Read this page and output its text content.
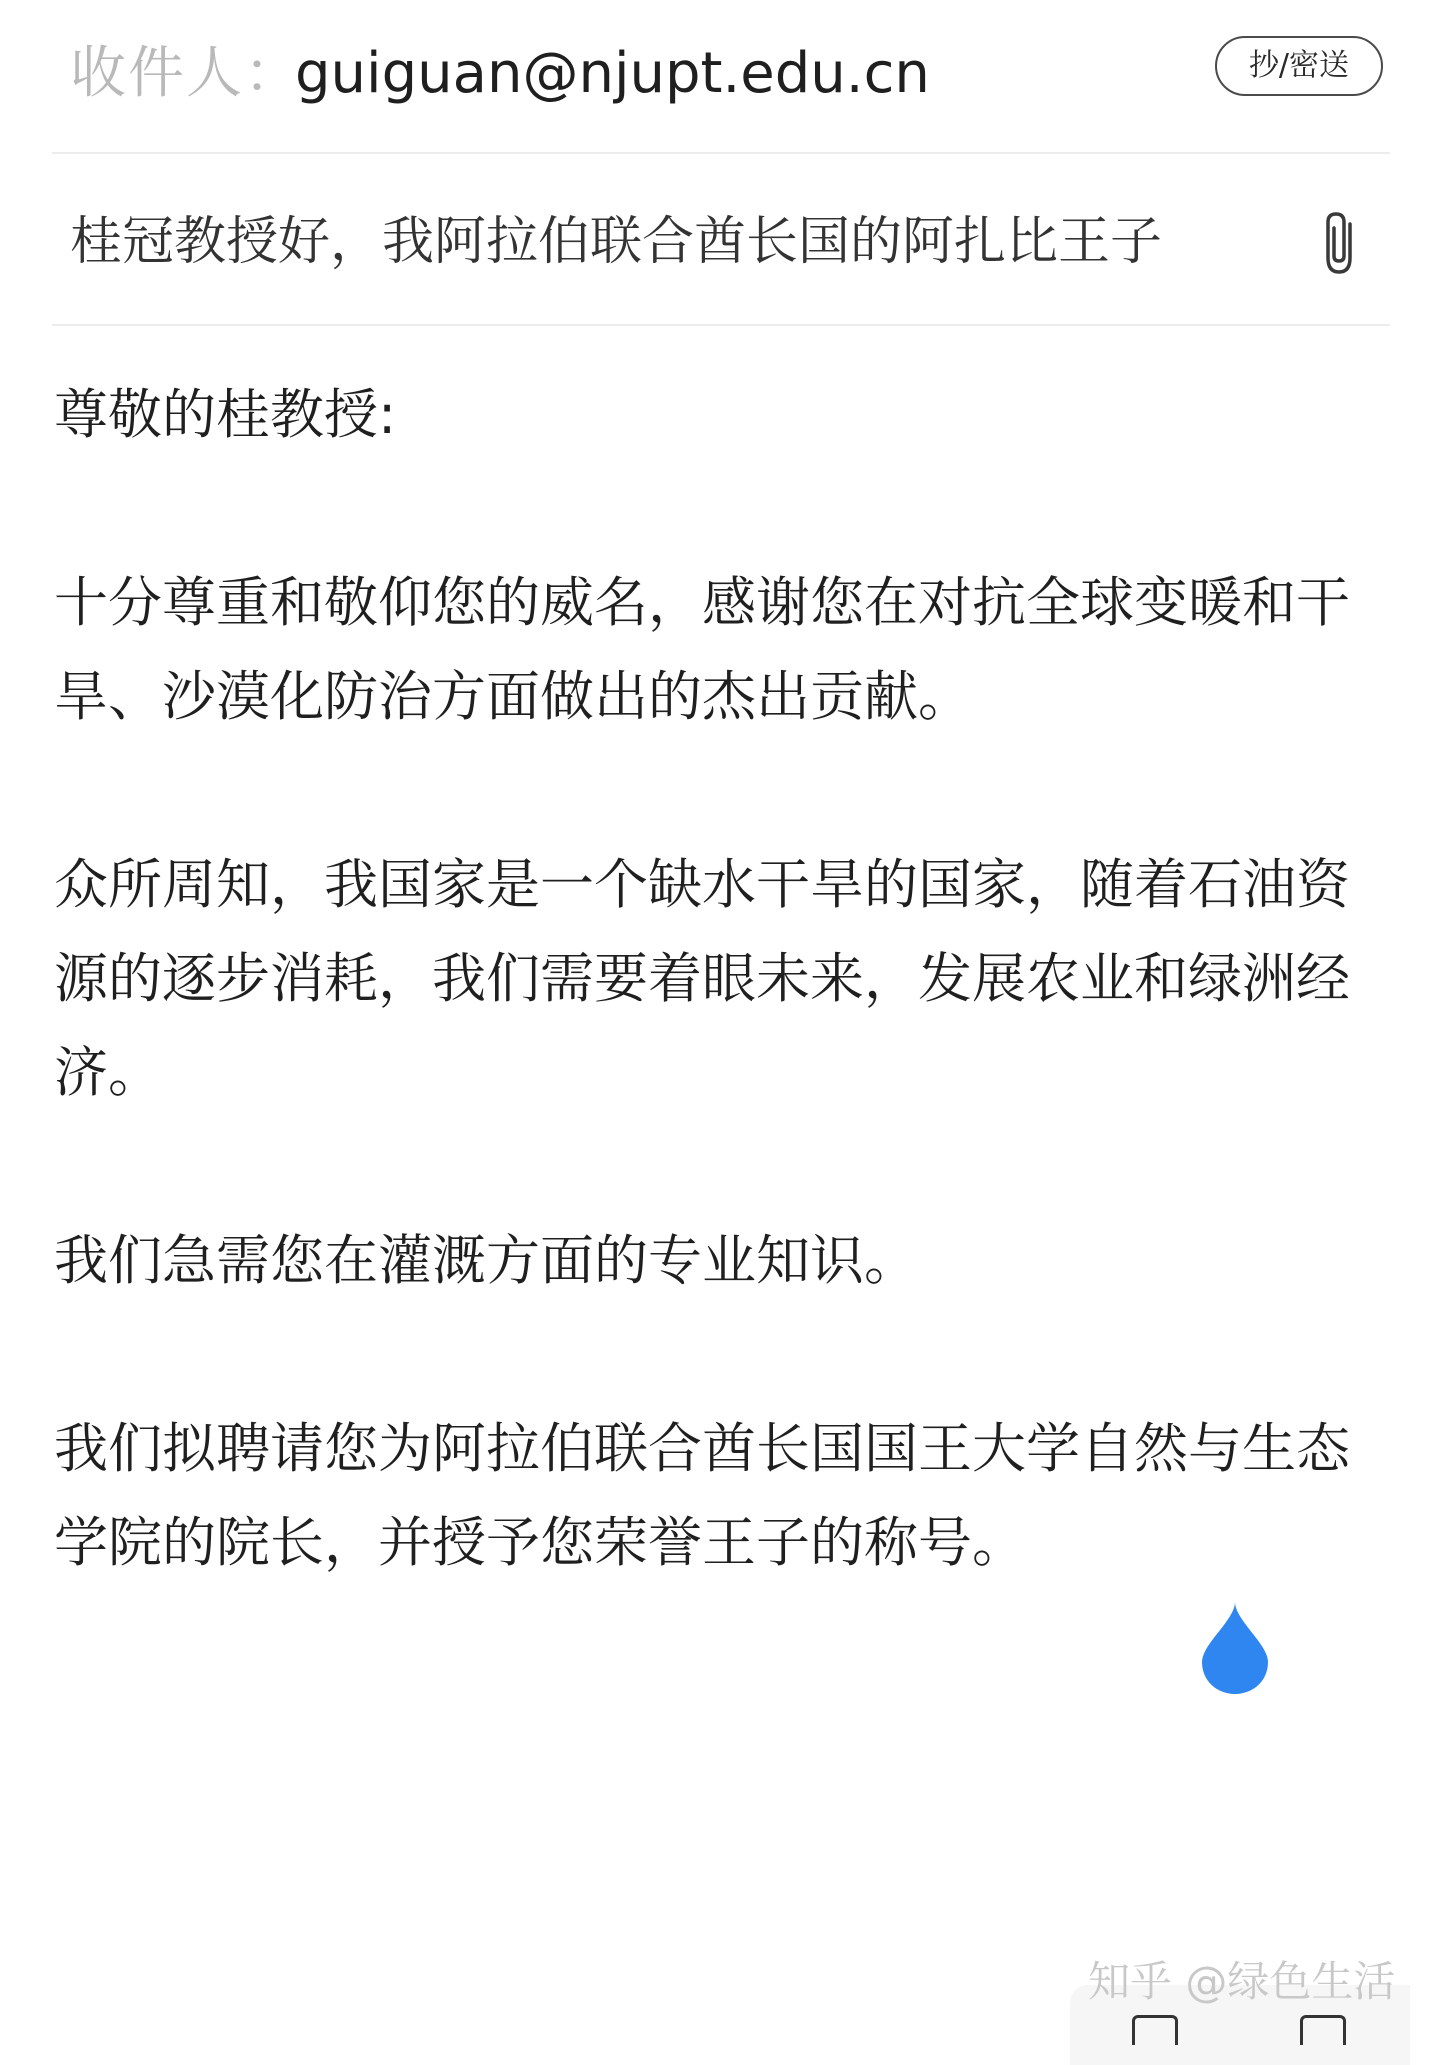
收件人：
guiguan@njupt.edu.cn	抄/密送
桂冠教授好，我阿拉伯联合酋长国的阿扎比王子

尊敬的桂教授:

十分尊重和敬仰您的威名，感谢您在对抗全球变暖和干旱、沙漠化防治方面做出的杰出贡献。

众所周知，我国家是一个缺水干旱的国家，随着石油资源的逐步消耗，我们需要着眼未来，发展农业和绿洲经济。

我们急需您在灌溉方面的专业知识。

我们拟聘请您为阿拉伯联合酋长国国王大学自然与生态学院的院长，并授予您荣誉王子的称号。

知乎 @绿色生活
